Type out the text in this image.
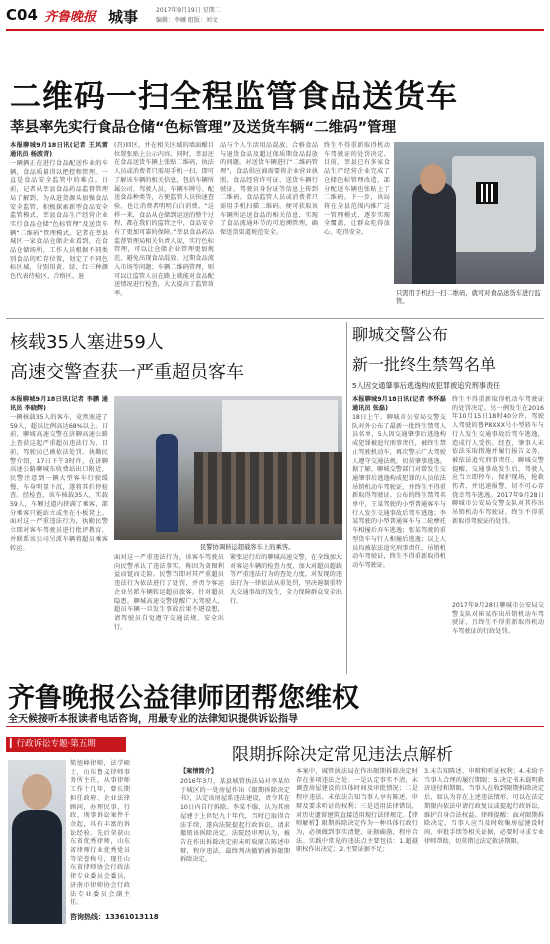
C04 齐鲁晚报 城事	2017年9月19日 星期二
编辑：李曦 组版：刘文
二维码一扫全程监管食品送货车
莘县率先实行食品仓储“色标管理”及送货车辆“二维码”管理
本报聊城9月18日讯(记者 王风雷 通讯员 杨波青)
一辆辆正在进行食品配送作业的车辆，食品质量得以把控和管理。一直是食品安全监管中的难点。日前，记者从莘县食品药品监督管理局了解到，为从进货源头加强食品安全监管，积极探索新型食品安全监管模式，莘县食品生产经营企业实行食品仓储“色标管理”及送货车辆“二维码”管理模式。记者在莘县城区一家食品仓储企业看到，在食品仓储场所，工作人员根据不同类别食品的贮存位置，划定了不同色标区域，分别用黄、绿、红三种颜色代表待检区、合格区、退
(召)回区，并在相关区域的墙面醒目位置张贴上公示内容。同时，莘县还在食品送货车辆上张贴二维码，执法人员或消费者只需用手机一扫，即可了解该车辆的相关信息，包括车辆所属公司、驾驶人员、车辆车牌号、配送食品种类等，方便监管人员快速查验，也让消费者明明白白消费。“这样一来，食品从仓储到运送的整个过程，都在我们的监管之中，食品安全有了更加可靠的保障。”莘县食品药品监督管理局相关负责人说，实行色标管理，可以让仓储企业管理更加规范，避免出现食品混放、过期食品流入市场等问题；车辆二维码管理，则可以让监管人员在路上就能对食品配送情况进行检查，大大提高了监管效率。
品与个人生活用品混放、合格食品与退货食品及超过保质期食品混放的问题。对送货车辆进行“二维码管理”，食品供应商需要将企业营业执照、食品经营许可证、送货车辆行驶证、驾驶员身份证等信息上传到二维码。食品监管人员或消费者只需用手机扫描二维码，便可获取该车辆所运送食品的相关信息，实现了食品流通环节的可追溯管理，确保送货渠道规范安全。
终生不得重新取得机动车驾驶证的处罚决定。目前，莘县已有多家食品生产经营企业完成了仓储色标管理改造，部分配送车辆也张贴上了二维码。下一步，该局将在全县范围内推广这一管理模式，逐步实现全覆盖，让群众吃得放心、吃得安全。
只需用手机扫一扫二维码，就可对食品送货车进行监管。
核载35人塞进59人
高速交警查获一严重超员客车
本报聊城9月18日讯(记者 李鹏 通讯员 李晓辉)
一辆核载35人的客车，竟然塞进了59人，超员比例高达68%以上。日前，聊城高速交警在济聊高速公路上查获这起严重超员违法行为，目前，驾驶员已被依法处罚。执勤民警介绍，17日下午3时许，在济聊高速公路聊城东收费站出口附近，民警注意到一辆大型客车行驶缓慢、车身明显下沉，遂将其拦停检查。经检查，该车核载35人，实载59人，车厢过道内挤满了乘客，部分乘客只能站立或坐在小板凳上。面对这一严重违法行为，执勤民警立即对客车驾驶员进行批评教育，并联系该公司另派车辆将超员乘客转运。	民警协调转运超载客车上的乘客。
面对这一严重违法行为，该客车驾驶员向民警承认了违法事实，称因为贪图利益而铤而走险。民警当即对其严重超员违法行为依法进行了处罚，并责令客运企业另派车辆转运超员旅客。针对超员隐患，聊城高速交警提醒广大驾驶人，超员车辆一旦发生事故后果不堪设想，请驾驶员自觉遵守交通法规，安全出行。
紧张运行后的聊城高速交警，在全线加大对客运车辆的检查力度，加大对超员超载等严重违法行为的查处力度，对发现的违法行为一律依法从重处罚，坚决遏制重特大交通事故的发生，全力保障群众安全出行。
聊城交警公布
新一批终生禁驾名单
5人因交通肇事后逃逸构成犯罪被追究刑事责任
本报聊城9月18日讯(记者 李怀磊 通讯员 张磊)
18日上午，聊城市公安局交警支队对外公布了最新一批终生禁驾人员名单，5人因交通肇事后逃逸构成犯罪被追究刑事责任，被终生禁止驾驶机动车，再次警示广大驾驶人遵守交通法规，切莫肇事逃逸。据了解，聊城交警部门对曾发生交通肇事后逃逸构成犯罪的人员依法吊销机动车驾驶证，并终生不得重新取得驾驶证。公布的终生禁驾名单中，王某驾驶的小型普通客车与行人发生交通事故后驾车逃逸；李某驾驶的小型普通客车与二轮摩托车相撞后弃车逃逸；张某驾驶的重型货车与行人相撞后逃逸；以上人员均被依法追究刑事责任，吊销机动车驾驶证，终生不得重新取得机动车驾驶证。
终生不得重新取得机动车驾驶证的处罚决定。另一例发生在2016年10月15日18时40分许，驾驶人驾驶的鲁P8XXX号小型轿车与行人发生交通事故后驾车逃逸，造成行人受伤。经查，肇事人未依法采取措施并履行报告义务，被依法追究刑事责任。聊城交警提醒，交通事故发生后，驾驶人应当立即停车，保护现场，抢救伤者，并迅速报警，切不可心存侥幸驾车逃逸。2017年9月28日聊城市公安局交警支队对其作出吊销机动车驾驶证、终生不得重新取得驾驶证的处罚。
2017年9月28日聊城市公安局交警支队对崔某作出吊销机动车驾驶证，且终生不得重新取得机动车驾驶证的行政处罚。
齐鲁晚报公益律师团帮您维权
全天候接听本报读者电话咨询，用最专业的法律知识提供诉讼指导
▎行政诉讼专题·第五期
简旭峰律师，法学硕士，山东鲁义律师事务所主任，从事律师工作十几年，曾长期担任政府、企业法律顾问，办理民事、行政、刑事诉讼案件千余起，具有丰富的诉讼经验。先后荣获山东省优秀律师，山东省律师行业优秀党员等荣誉称号，现任山东省律师协会行政法律专业委员会委员，济南市律师协会行政法专业委员会副主任。
咨询热线：13361013118
限期拆除决定常见违法点解析
【案情简介】
2016年3月，某县城管执法局对李某位于城区的一处房屋作出《限期拆除决定书》，认定该房屋系违法建设，责令其在10日内自行拆除。李某不服，认为其房屋建于上世纪九十年代，当时已取得合法手续，遂向法院提起行政诉讼，请求撤销该拆除决定。法院经审理认为，被告在作出拆除决定前未听取原告陈述申辩，程序违法，最终判决撤销被诉限期拆除决定。
本案中，城管执法局在作出限期拆除决定时存在多项违法之处：一是认定事实不清，未调查房屋建设的具体时间及审批情况；二是程序违法，未依法告知当事人享有陈述、申辩及要求听证的权利；三是适用法律错误，对历史遗留建筑直接适用现行法律规定。【律师解析】限期拆除决定作为一种具体行政行为，必须做到事实清楚、证据确凿、程序合法。实践中常见的违法点主要包括：1.超越职权作出决定；2.主要证据不足；
3.未告知陈述、申辩和听证权利；4.未给予当事人合理的履行期限；5.决定书未载明救济途径和期限。当事人在收到限期拆除决定后，如认为存在上述违法情形，可以在法定期限内依法申请行政复议或提起行政诉讼，维护自身合法权益。律师提醒：面对限期拆除决定，当事人应当及时收集房屋建设时间、审批手续等相关证据，必要时寻求专业律师帮助，切莫错过法定救济期限。
